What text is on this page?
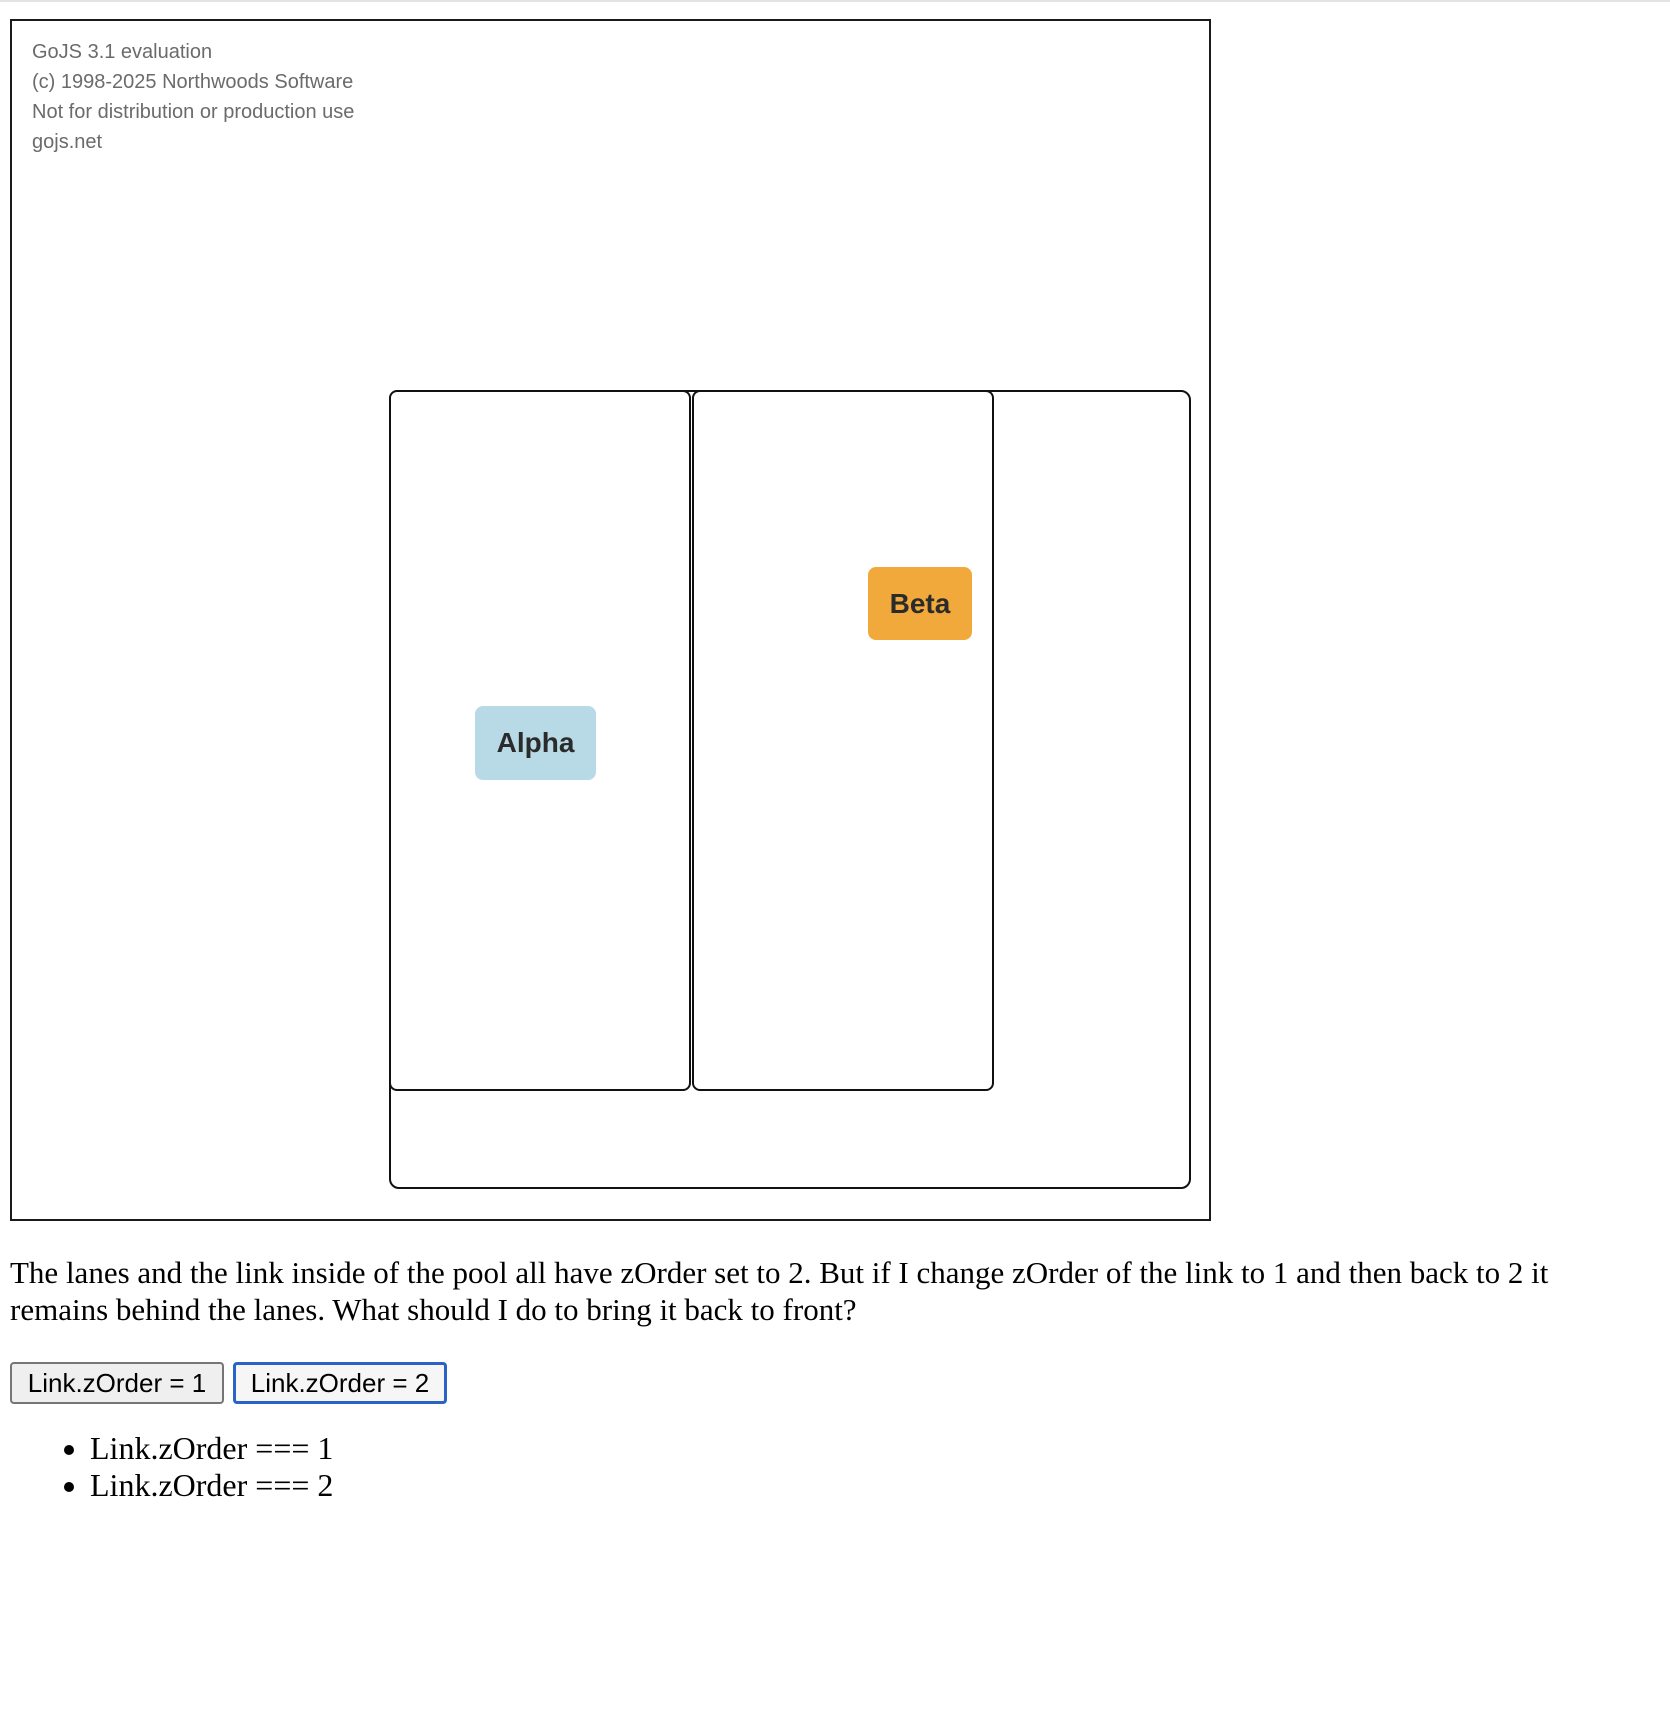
GoJS 3.1 evaluation
(c) 1998-2025 Northwoods Software
Not for distribution or production use
gojs.net
Alpha
Beta

The lanes and the link inside of the pool all have zOrder set to 2. But if I change zOrder of the link to 1 and then back to 2 it remains behind the lanes. What should I do to bring it back to front?

Link.zOrder = 1	Link.zOrder = 2
• Link.zOrder === 1
• Link.zOrder === 2
